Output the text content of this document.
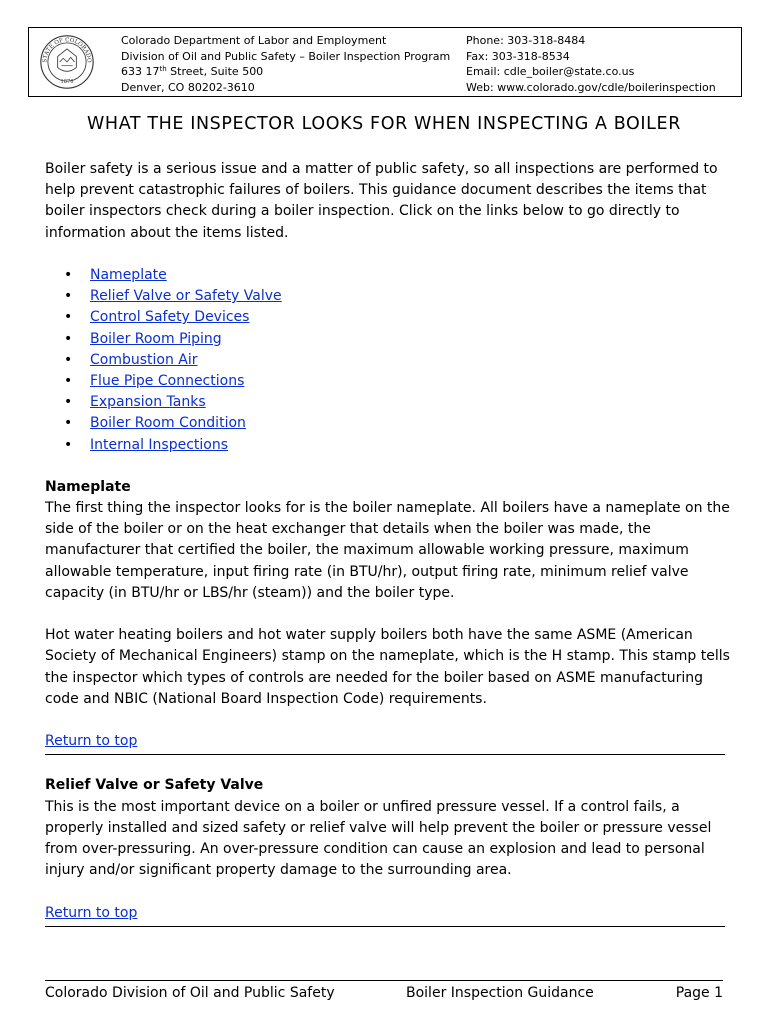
STATE OF COLORADO
1876
Colorado Department of Labor and Employment
Division of Oil and Public Safety – Boiler Inspection Program
633 17th Street, Suite 500
Denver, CO 80202-3610
Phone: 303-318-8484
Fax: 303-318-8534
Email: cdle_boiler@state.co.us
Web: www.colorado.gov/cdle/boilerinspection
WHAT THE INSPECTOR LOOKS FOR WHEN INSPECTING A BOILER

Boiler safety is a serious issue and a matter of public safety, so all inspections are performed to help prevent catastrophic failures of boilers. This guidance document describes the items that boiler inspectors check during a boiler inspection. Click on the links below to go directly to information about the items listed.

• Nameplate
• Relief Valve or Safety Valve
• Control Safety Devices
• Boiler Room Piping
• Combustion Air
• Flue Pipe Connections
• Expansion Tanks
• Boiler Room Condition
• Internal Inspections

Nameplate

The first thing the inspector looks for is the boiler nameplate. All boilers have a nameplate on the side of the boiler or on the heat exchanger that details when the boiler was made, the manufacturer that certified the boiler, the maximum allowable working pressure, maximum allowable temperature, input firing rate (in BTU/hr), output firing rate, minimum relief valve capacity (in BTU/hr or LBS/hr (steam)) and the boiler type.

Hot water heating boilers and hot water supply boilers both have the same ASME (American Society of Mechanical Engineers) stamp on the nameplate, which is the H stamp. This stamp tells the inspector which types of controls are needed for the boiler based on ASME manufacturing code and NBIC (National Board Inspection Code) requirements.

Return to top

Relief Valve or Safety Valve

This is the most important device on a boiler or unfired pressure vessel. If a control fails, a properly installed and sized safety or relief valve will help prevent the boiler or pressure vessel from over-pressuring. An over-pressure condition can cause an explosion and lead to personal injury and/or significant property damage to the surrounding area.

Return to top

Colorado Division of Oil and Public Safety	Boiler Inspection Guidance	Page 1
